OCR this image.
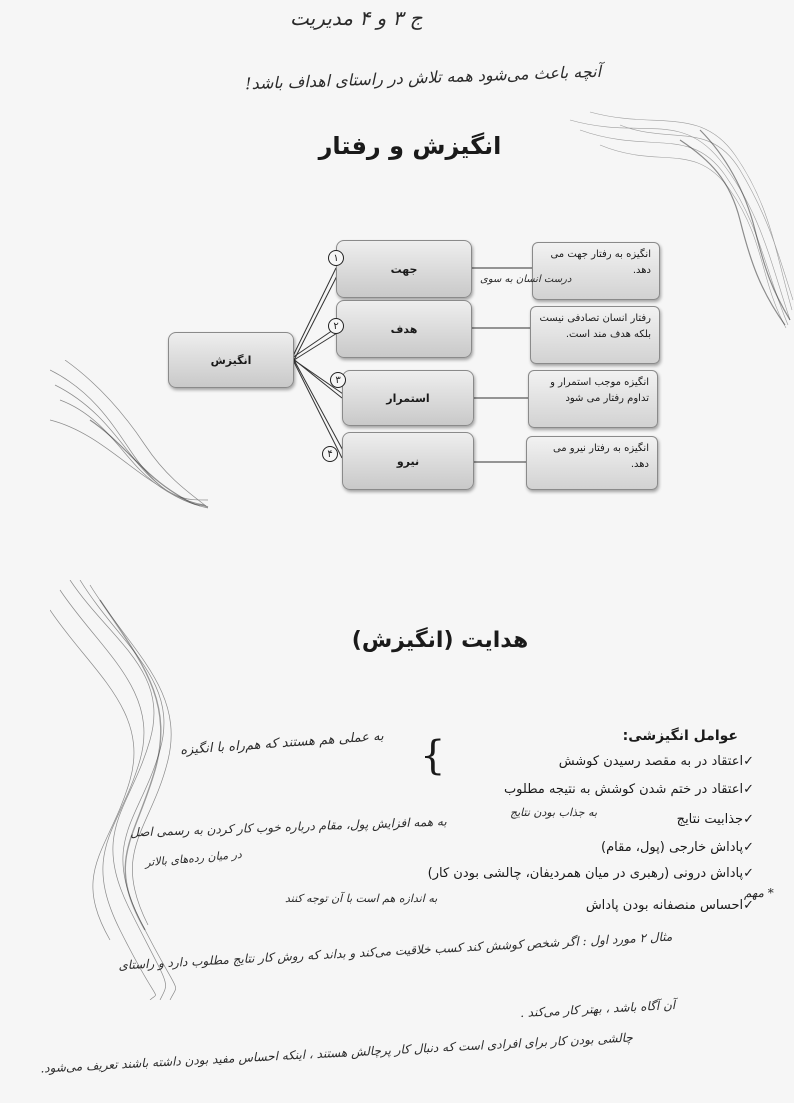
ج ۳ و ۴ مدیریت
آنچه باعث می‌شود همه تلاش در راستای اهداف باشد!
انگیزش و رفتار
انگیزش
جهت
هدف
استمرار
نیرو
۱
۲
۳
۴
انگیزه به رفتار جهت می دهد.
درست انسان به سوی
رفتار انسان تصادفی نیست بلکه هدف مند است.
انگیزه موجب استمرار و تداوم رفتار می شود
انگیزه به رفتار نیرو می دهد.
هدایت (انگیزش)
عوامل انگیزشی:
✓اعتقاد در به مقصد رسیدن کوشش
✓اعتقاد در ختم شدن کوشش به نتیجه مطلوب
✓جذابیت نتایج
✓پاداش خارجی (پول، مقام)
✓پاداش درونی (رهبری در میان همردیفان، چالشی بودن کار)
✓احساس منصفانه بودن پاداش
* مهم
{
به عملی هم هستند که هم‌راه با انگیزه
به جذاب بودن نتایج
به همه افزایش پول، مقام درباره خوب کار کردن به رسمی اصل
در میان رده‌های بالاتر
به اندازه هم است با آن توجه کنند
مثال ۲ مورد اول : اگر شخص کوشش کند کسب خلاقیت می‌کند و بداند که روش کار نتایج مطلوب دارد و راستای
آن آگاه باشد ، بهتر کار می‌کند .
چالشی بودن کار برای افرادی است که دنبال کار پرچالش هستند ، اینکه احساس مفید بودن داشته باشند تعریف می‌شود.
